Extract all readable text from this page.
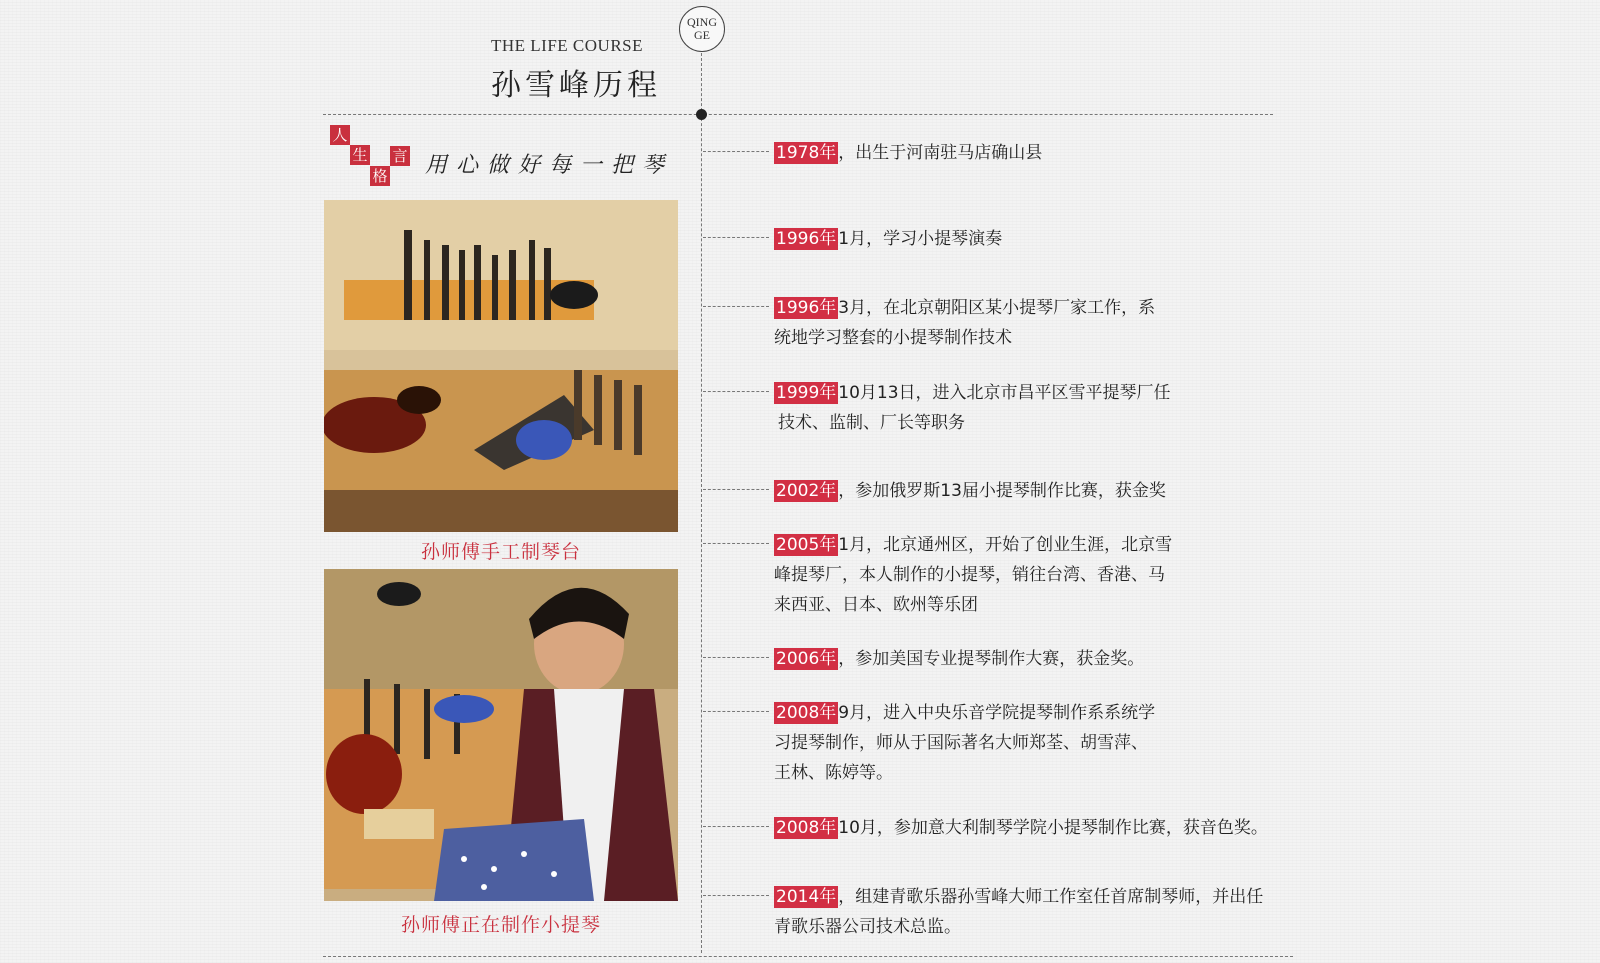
THE LIFE COURSE
孙雪峰历程
QING
GE
人
生
格
言 用心做好每一把琴
孙师傅手工制琴台
孙师傅正在制作小提琴
1978年 ，出生于河南驻马店确山县
1996年 1月，学习小提琴演奏
1996年 3月，在北京朝阳区某小提琴厂家工作，系
统地学习整套的小提琴制作技术
1999年 10月13日，进入北京市昌平区雪平提琴厂任
技术、监制、厂长等职务
2002年 ，参加俄罗斯13届小提琴制作比赛，获金奖
2005年 1月，北京通州区，开始了创业生涯，北京雪
峰提琴厂，本人制作的小提琴，销往台湾、香港、马
来西亚、日本、欧州等乐团
2006年 ，参加美国专业提琴制作大赛，获金奖。
2008年 9月，进入中央乐音学院提琴制作系系统学
习提琴制作，师从于国际著名大师郑荃、胡雪萍、
王林、陈婷等。
2008年 10月，参加意大利制琴学院小提琴制作比赛，获音色奖。
2014年 ，组建青歌乐器孙雪峰大师工作室任首席制琴师，并出任
青歌乐器公司技术总监。
